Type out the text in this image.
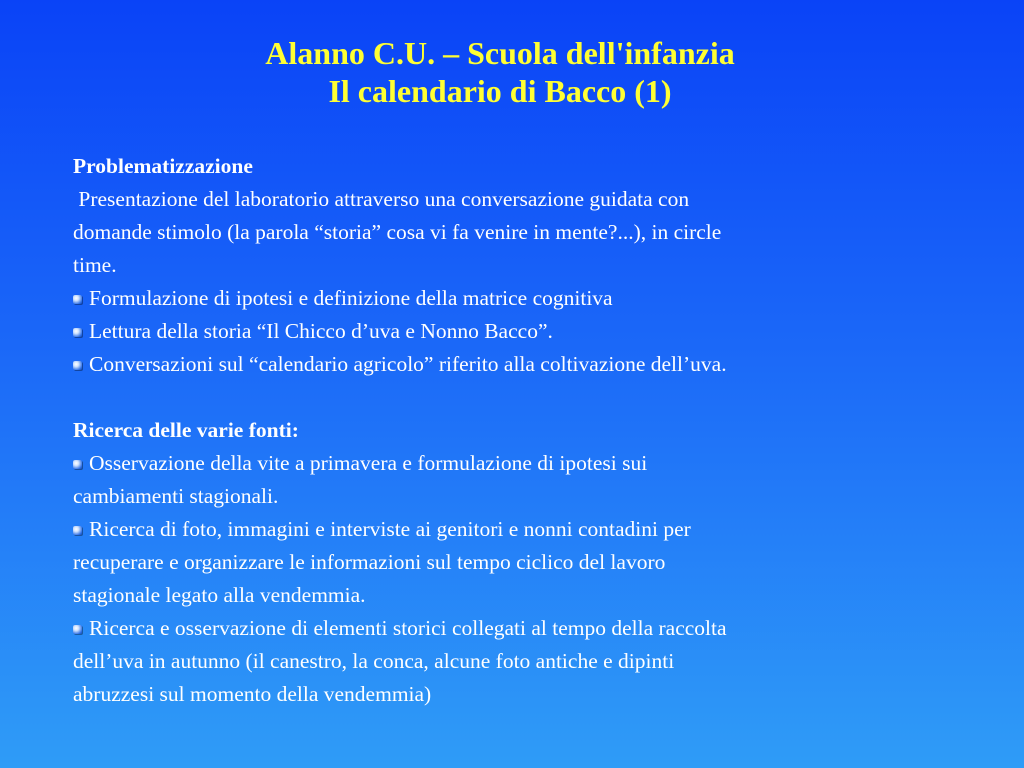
Alanno C.U. – Scuola dell'infanzia
Il calendario di Bacco (1)

Problematizzazione

Presentazione del laboratorio attraverso una conversazione guidata con

domande stimolo (la parola “storia” cosa vi fa venire in mente?...), in circle

time.

Formulazione di ipotesi e definizione della matrice cognitiva

Lettura della storia “Il Chicco d’uva e Nonno Bacco”.

Conversazioni sul “calendario agricolo” riferito alla coltivazione dell’uva.

Ricerca delle varie fonti:

Osservazione della vite a primavera e formulazione di ipotesi sui

cambiamenti stagionali.

Ricerca di foto, immagini e interviste ai genitori e nonni contadini per

recuperare e organizzare le informazioni sul tempo ciclico del lavoro

stagionale legato alla vendemmia.

Ricerca e osservazione di elementi storici collegati al tempo della raccolta

dell’uva in autunno (il canestro, la conca, alcune foto antiche e dipinti

abruzzesi sul momento della vendemmia)
